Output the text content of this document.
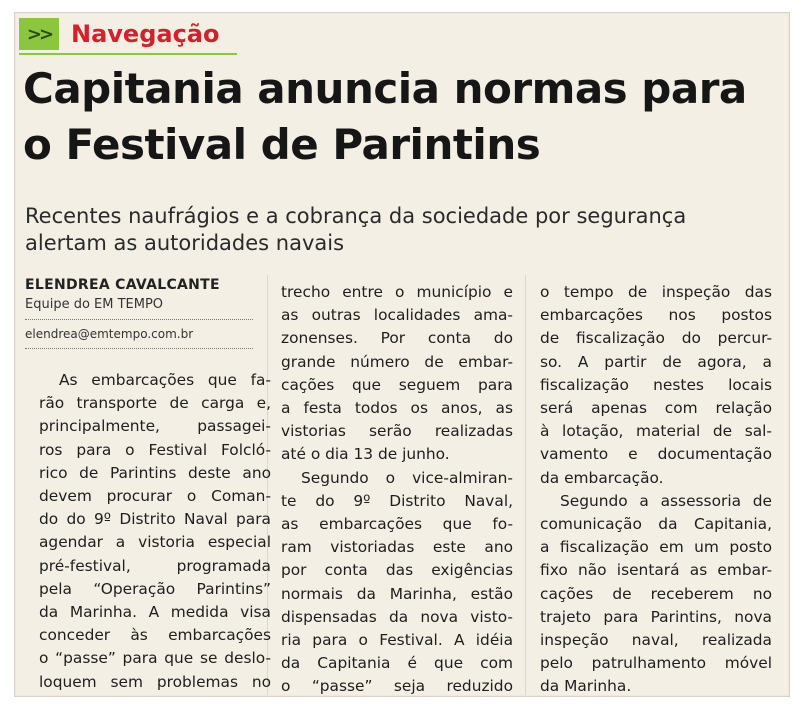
>> Navegação
Capitania anuncia normas para o Festival de Parintins

Recentes naufrágios e a cobrança da sociedade por segurança alertam as autoridades navais

ELENDREA CAVALCANTE
Equipe do EM TEMPO
elendrea@emtempo.com.br
As embarcações que fa-
rão transporte de carga e,
principalmente, passagei-
ros para o Festival Folcló-
rico de Parintins deste ano
devem procurar o Coman-
do do 9º Distrito Naval para
agendar a vistoria especial
pré-festival, programada
pela “Operação Parintins”
da Marinha. A medida visa
conceder às embarcações
o “passe” para que se deslo-
loquem sem problemas no
trecho entre o município e
as outras localidades ama-
zonenses. Por conta do
grande número de embar-
cações que seguem para
a festa todos os anos, as
vistorias serão realizadas
até o dia 13 de junho.
Segundo o vice-almiran-
te do 9º Distrito Naval,
as embarcações que fo-
ram vistoriadas este ano
por conta das exigências
normais da Marinha, estão
dispensadas da nova visto-
ria para o Festival. A idéia
da Capitania é que com
o “passe” seja reduzido
o tempo de inspeção das
embarcações nos postos
de fiscalização do percur-
so. A partir de agora, a
fiscalização nestes locais
será apenas com relação
à lotação, material de sal-
vamento e documentação
da embarcação.
Segundo a assessoria de
comunicação da Capitania,
a fiscalização em um posto
fixo não isentará as embar-
cações de receberem no
trajeto para Parintins, nova
inspeção naval, realizada
pelo patrulhamento móvel
da Marinha.
